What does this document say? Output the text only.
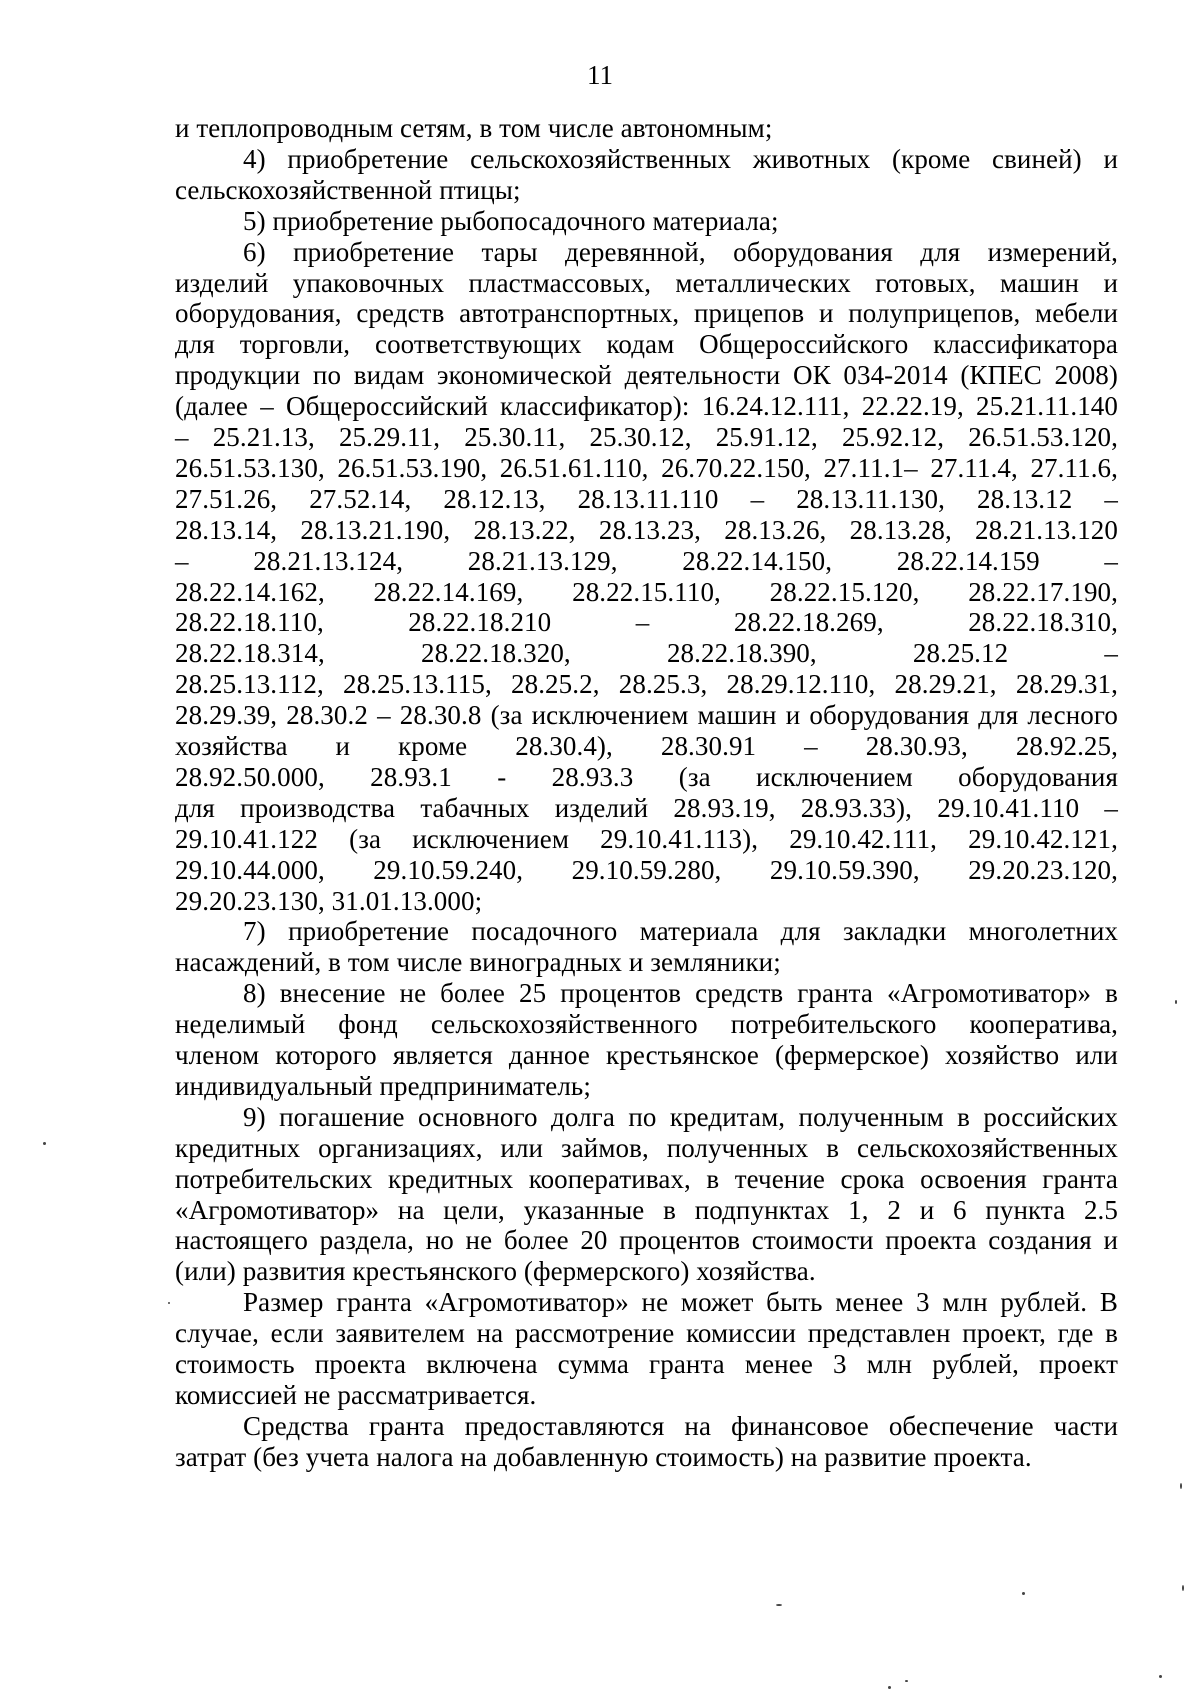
11
и теплопроводным сетям, в том числе автономным;
4) приобретение сельскохозяйственных животных (кроме свиней) и
сельскохозяйственной птицы;
5) приобретение рыбопосадочного материала;
6) приобретение тары деревянной, оборудования для измерений,
изделий упаковочных пластмассовых, металлических готовых, машин и
оборудования, средств автотранспортных, прицепов и полуприцепов, мебели
для торговли, соответствующих кодам Общероссийского классификатора
продукции по видам экономической деятельности ОК 034-2014 (КПЕС 2008)
(далее – Общероссийский классификатор): 16.24.12.111, 22.22.19, 25.21.11.140
– 25.21.13, 25.29.11, 25.30.11, 25.30.12, 25.91.12, 25.92.12, 26.51.53.120,
26.51.53.130, 26.51.53.190, 26.51.61.110, 26.70.22.150, 27.11.1– 27.11.4, 27.11.6,
27.51.26, 27.52.14, 28.12.13, 28.13.11.110 – 28.13.11.130, 28.13.12 –
28.13.14, 28.13.21.190, 28.13.22, 28.13.23, 28.13.26, 28.13.28, 28.21.13.120
– 28.21.13.124, 28.21.13.129, 28.22.14.150, 28.22.14.159 –
28.22.14.162, 28.22.14.169, 28.22.15.110, 28.22.15.120, 28.22.17.190,
28.22.18.110, 28.22.18.210 – 28.22.18.269, 28.22.18.310,
28.22.18.314, 28.22.18.320, 28.22.18.390, 28.25.12 –
28.25.13.112, 28.25.13.115, 28.25.2, 28.25.3, 28.29.12.110, 28.29.21, 28.29.31,
28.29.39, 28.30.2 – 28.30.8 (за исключением машин и оборудования для лесного
хозяйства и кроме 28.30.4), 28.30.91 – 28.30.93, 28.92.25,
28.92.50.000, 28.93.1 - 28.93.3 (за исключением оборудования
для производства табачных изделий 28.93.19, 28.93.33), 29.10.41.110 –
29.10.41.122 (за исключением 29.10.41.113), 29.10.42.111, 29.10.42.121,
29.10.44.000, 29.10.59.240, 29.10.59.280, 29.10.59.390, 29.20.23.120,
29.20.23.130, 31.01.13.000;
7) приобретение посадочного материала для закладки многолетних
насаждений, в том числе виноградных и земляники;
8) внесение не более 25 процентов средств гранта «Агромотиватор» в
неделимый фонд сельскохозяйственного потребительского кооператива,
членом которого является данное крестьянское (фермерское) хозяйство или
индивидуальный предприниматель;
9) погашение основного долга по кредитам, полученным в российских
кредитных организациях, или займов, полученных в сельскохозяйственных
потребительских кредитных кооперативах, в течение срока освоения гранта
«Агромотиватор» на цели, указанные в подпунктах 1, 2 и 6 пункта 2.5
настоящего раздела, но не более 20 процентов стоимости проекта создания и
(или) развития крестьянского (фермерского) хозяйства.
Размер гранта «Агромотиватор» не может быть менее 3 млн рублей. В
случае, если заявителем на рассмотрение комиссии представлен проект, где в
стоимость проекта включена сумма гранта менее 3 млн рублей, проект
комиссией не рассматривается.
Средства гранта предоставляются на финансовое обеспечение части
затрат (без учета налога на добавленную стоимость) на развитие проекта.
